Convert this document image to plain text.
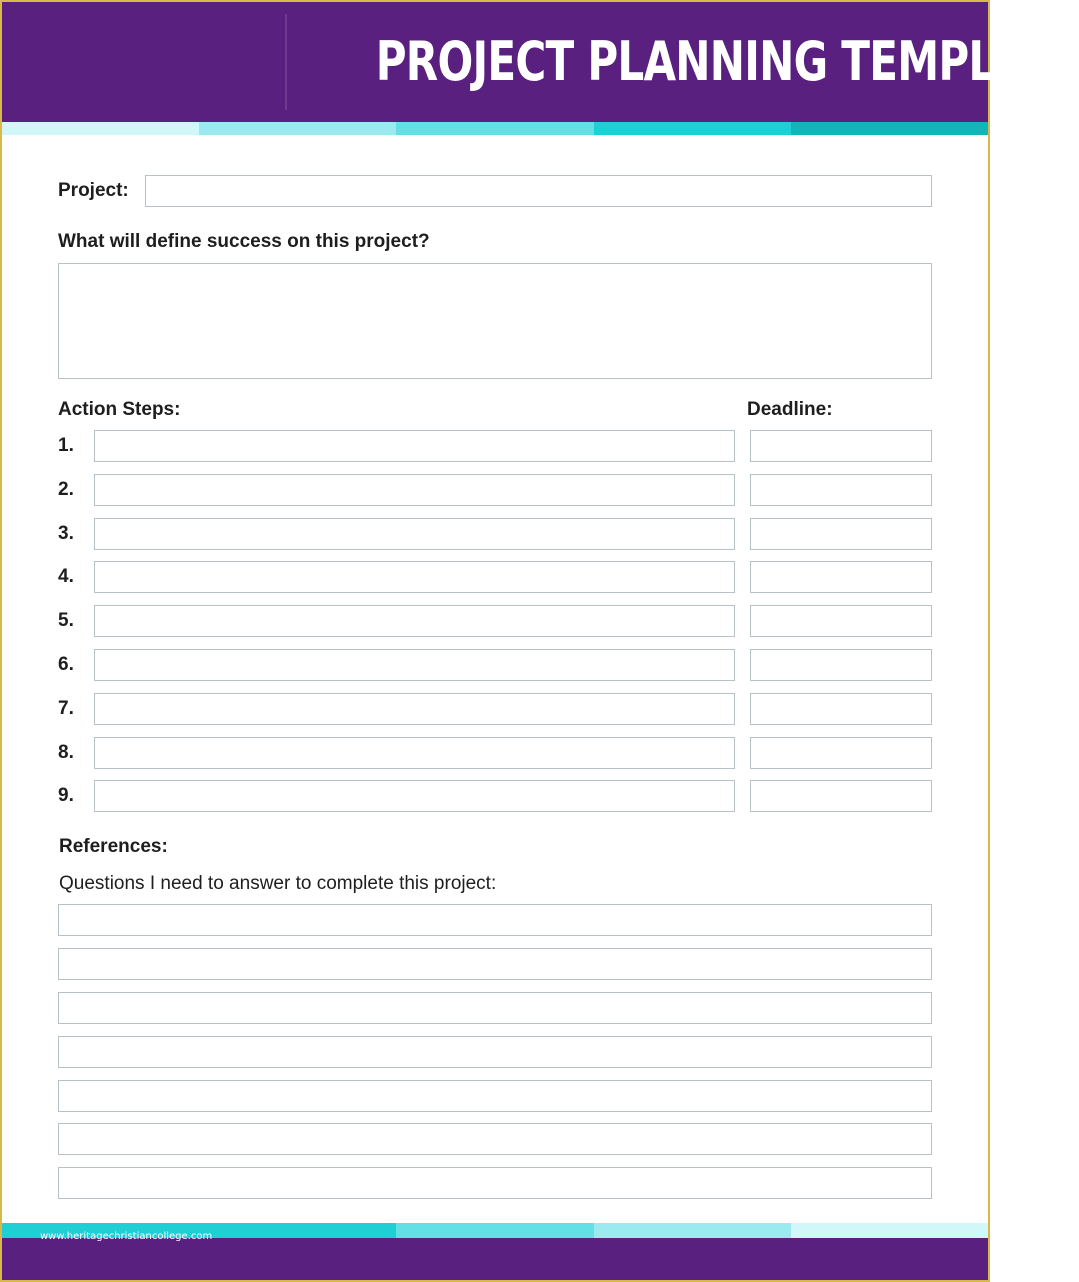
PROJECT PLANNING TEMPLATE
Project:
What will define success on this project?
Action Steps:	Deadline:
1.
2.
3.
4.
5.
6.
7.
8.
9.
References:
Questions I need to answer to complete this project:
www.heritagechristiancollege.com
